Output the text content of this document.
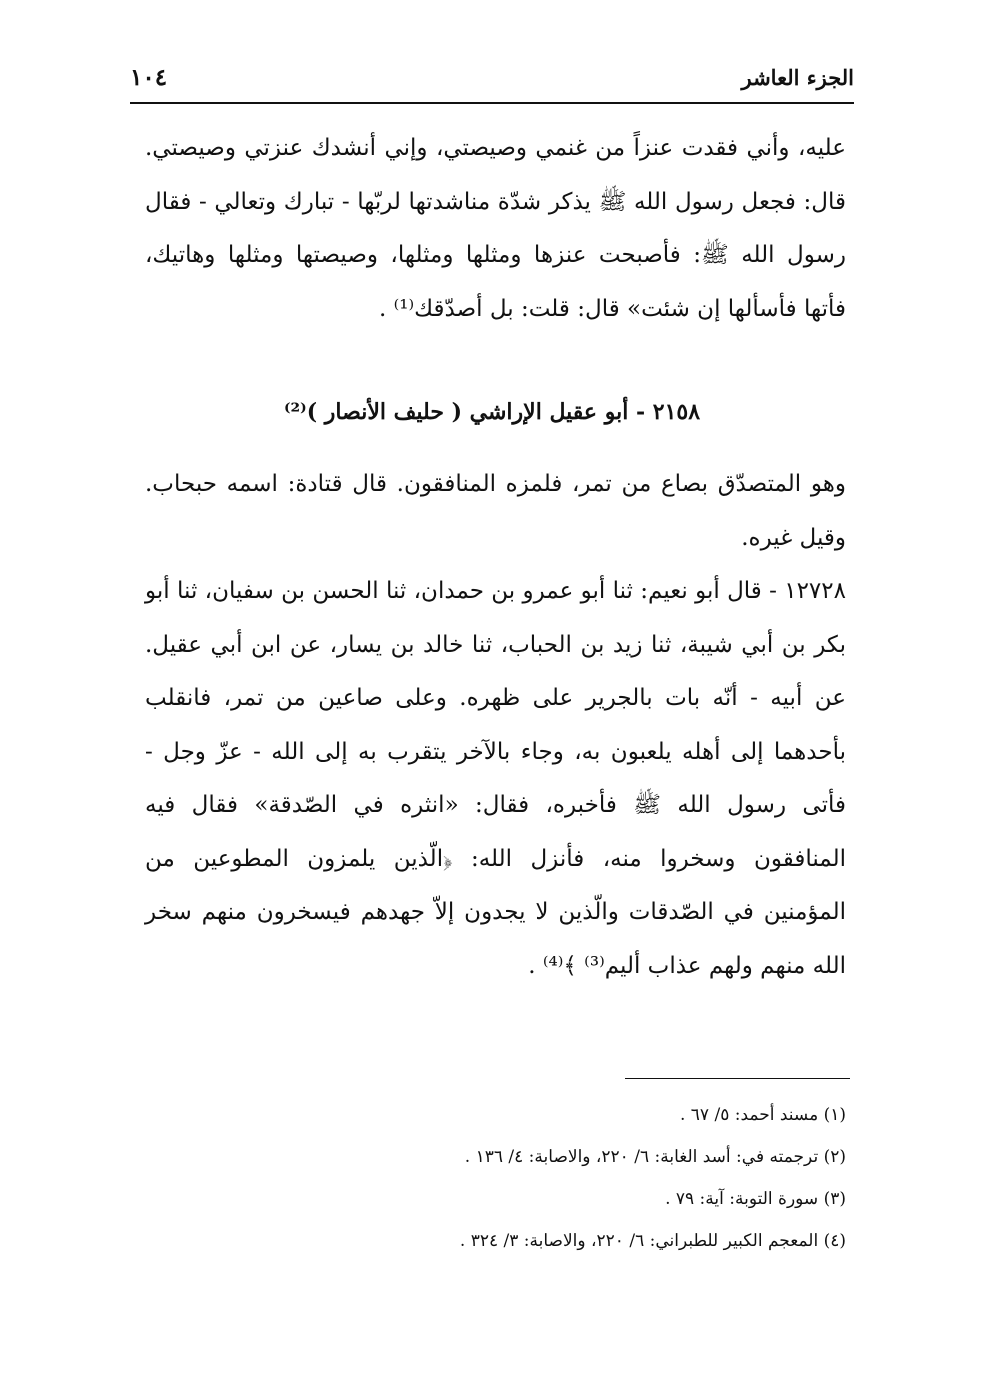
الجزء العاشر
١٠٤
عليه، وأني فقدت عنزاً من غنمي وصيصتي، وإني أنشدك عنزتي وصيصتي. قال: فجعل رسول الله ﷺ يذكر شدّة مناشدتها لربّها - تبارك وتعالي - فقال رسول الله ﷺ: فأصبحت عنزها ومثلها ومثلها، وصيصتها ومثلها وهاتيك، فأتها فأسألها إن شئت» قال: قلت: بل أصدّقك⁽¹⁾ .
٢١٥٨ - أبو عقيل الإراشي ( حليف الأنصار )⁽²⁾
وهو المتصدّق بصاع من تمر، فلمزه المنافقون. قال قتادة: اسمه حبحاب. وقيل غيره.
١٢٧٢٨ - قال أبو نعيم: ثنا أبو عمرو بن حمدان، ثنا الحسن بن سفيان، ثنا أبو بكر بن أبي شيبة، ثنا زيد بن الحباب، ثنا خالد بن يسار، عن ابن أبي عقيل. عن أبيه - أنّه بات بالجرير على ظهره. وعلى صاعين من تمر، فانقلب بأحدهما إلى أهله يلعبون به، وجاء بالآخر يتقرب به إلى الله - عزّ وجل - فأتى رسول الله ﷺ فأخبره، فقال: «انثره في الصّدقة» فقال فيه المنافقون وسخروا منه، فأنزل الله: ﴿الّذين يلمزون المطوعين من المؤمنين في الصّدقات والّذين لا يجدون إلاّ جهدهم فيسخرون منهم سخر الله منهم ولهم عذاب أليم⁽³⁾ ﴾⁽⁴⁾ .
(١) مسند أحمد: ٥/ ٦٧ .
(٢) ترجمته في: أسد الغابة: ٦/ ٢٢٠، والاصابة: ٤/ ١٣٦ .
(٣) سورة التوبة: آية: ٧٩ .
(٤) المعجم الكبير للطبراني: ٦/ ٢٢٠، والاصابة: ٣/ ٣٢٤ .
